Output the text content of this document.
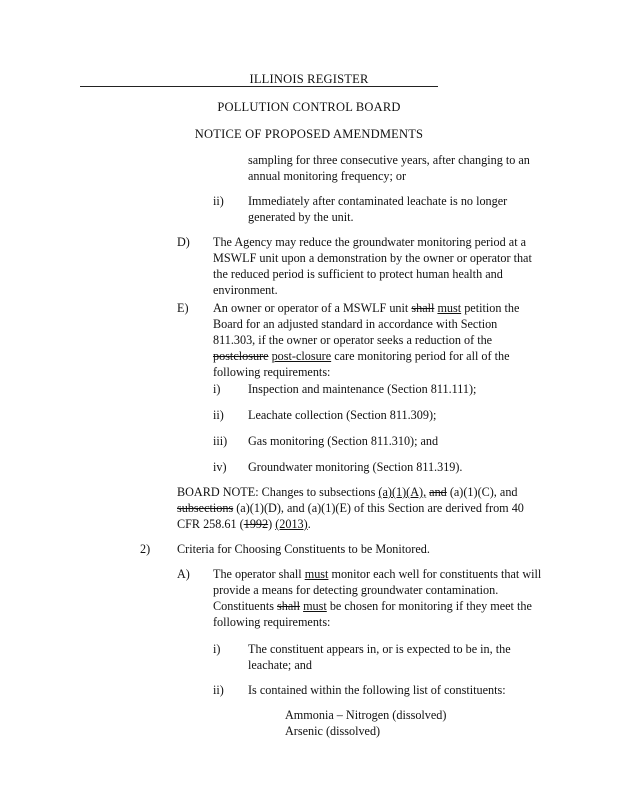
ILLINOIS REGISTER
POLLUTION CONTROL BOARD
NOTICE OF PROPOSED AMENDMENTS
sampling for three consecutive years, after changing to an
annual monitoring frequency; or
ii) Immediately after contaminated leachate is no longer
generated by the unit.
D) The Agency may reduce the groundwater monitoring period at a
MSWLF unit upon a demonstration by the owner or operator that
the reduced period is sufficient to protect human health and
environment.
E) An owner or operator of a MSWLF unit shall must petition the
Board for an adjusted standard in accordance with Section
811.303, if the owner or operator seeks a reduction of the
postclosure post-closure care monitoring period for all of the
following requirements:
i) Inspection and maintenance (Section 811.111);
ii) Leachate collection (Section 811.309);
iii) Gas monitoring (Section 811.310); and
iv) Groundwater monitoring (Section 811.319).
BOARD NOTE: Changes to subsections (a)(1)(A), and (a)(1)(C), and
subsections (a)(1)(D), and (a)(1)(E) of this Section are derived from 40
CFR 258.61 (1992) (2013).
2) Criteria for Choosing Constituents to be Monitored.
A) The operator shall must monitor each well for constituents that will
provide a means for detecting groundwater contamination.
Constituents shall must be chosen for monitoring if they meet the
following requirements:
i) The constituent appears in, or is expected to be in, the
leachate; and
ii) Is contained within the following list of constituents:
Ammonia – Nitrogen (dissolved)
Arsenic (dissolved)
